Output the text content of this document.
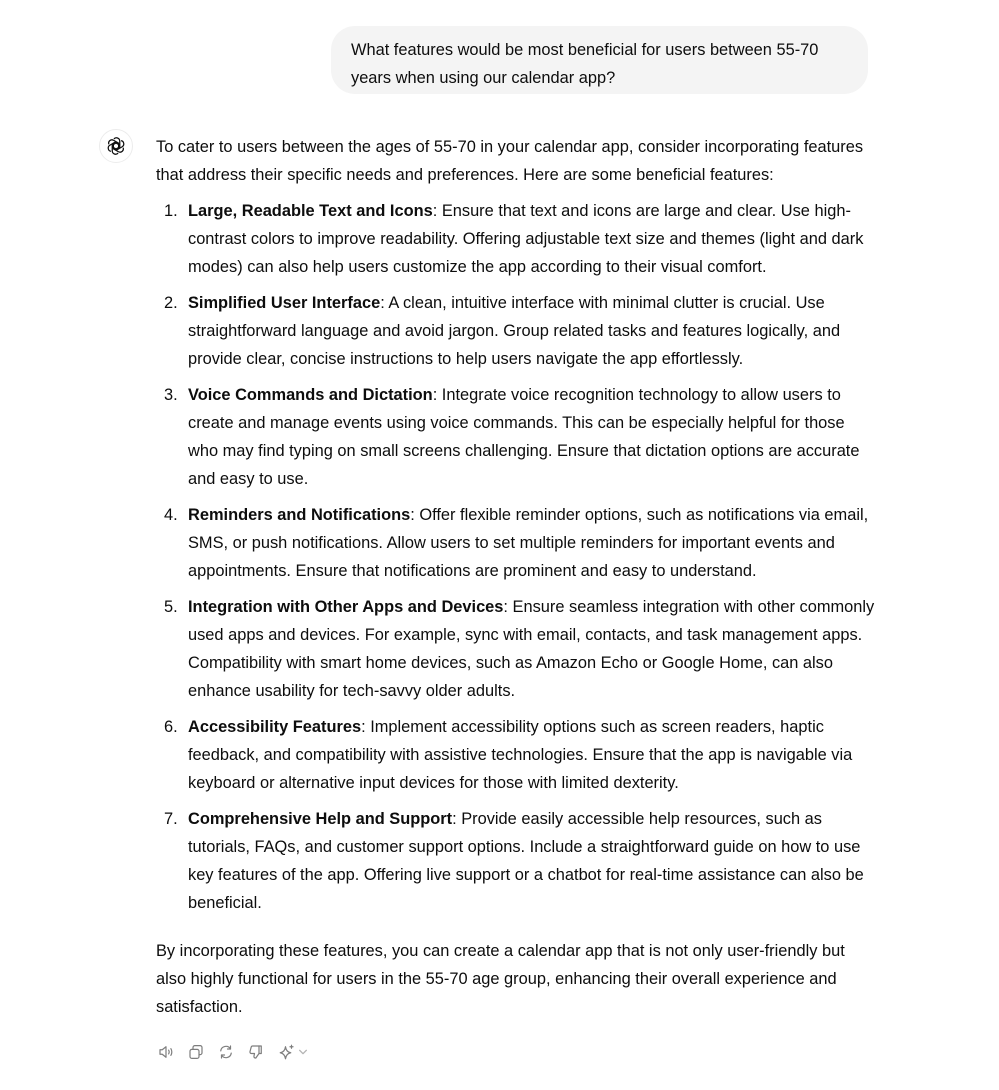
What features would be most beneficial for users between 55-70
years when using our calendar app?

To cater to users between the ages of 55-70 in your calendar app, consider incorporating features that address their specific needs and preferences. Here are some beneficial features:

1. Large, Readable Text and Icons: Ensure that text and icons are large and clear. Use high-contrast colors to improve readability. Offering adjustable text size and themes (light and dark modes) can also help users customize the app according to their visual comfort.
2. Simplified User Interface: A clean, intuitive interface with minimal clutter is crucial. Use straightforward language and avoid jargon. Group related tasks and features logically, and provide clear, concise instructions to help users navigate the app effortlessly.
3. Voice Commands and Dictation: Integrate voice recognition technology to allow users to create and manage events using voice commands. This can be especially helpful for those who may find typing on small screens challenging. Ensure that dictation options are accurate and easy to use.
4. Reminders and Notifications: Offer flexible reminder options, such as notifications via email, SMS, or push notifications. Allow users to set multiple reminders for important events and appointments. Ensure that notifications are prominent and easy to understand.
5. Integration with Other Apps and Devices: Ensure seamless integration with other commonly used apps and devices. For example, sync with email, contacts, and task management apps. Compatibility with smart home devices, such as Amazon Echo or Google Home, can also enhance usability for tech-savvy older adults.
6. Accessibility Features: Implement accessibility options such as screen readers, haptic feedback, and compatibility with assistive technologies. Ensure that the app is navigable via keyboard or alternative input devices for those with limited dexterity.
7. Comprehensive Help and Support: Provide easily accessible help resources, such as tutorials, FAQs, and customer support options. Include a straightforward guide on how to use key features of the app. Offering live support or a chatbot for real-time assistance can also be beneficial.

By incorporating these features, you can create a calendar app that is not only user-friendly but also highly functional for users in the 55-70 age group, enhancing their overall experience and satisfaction.
